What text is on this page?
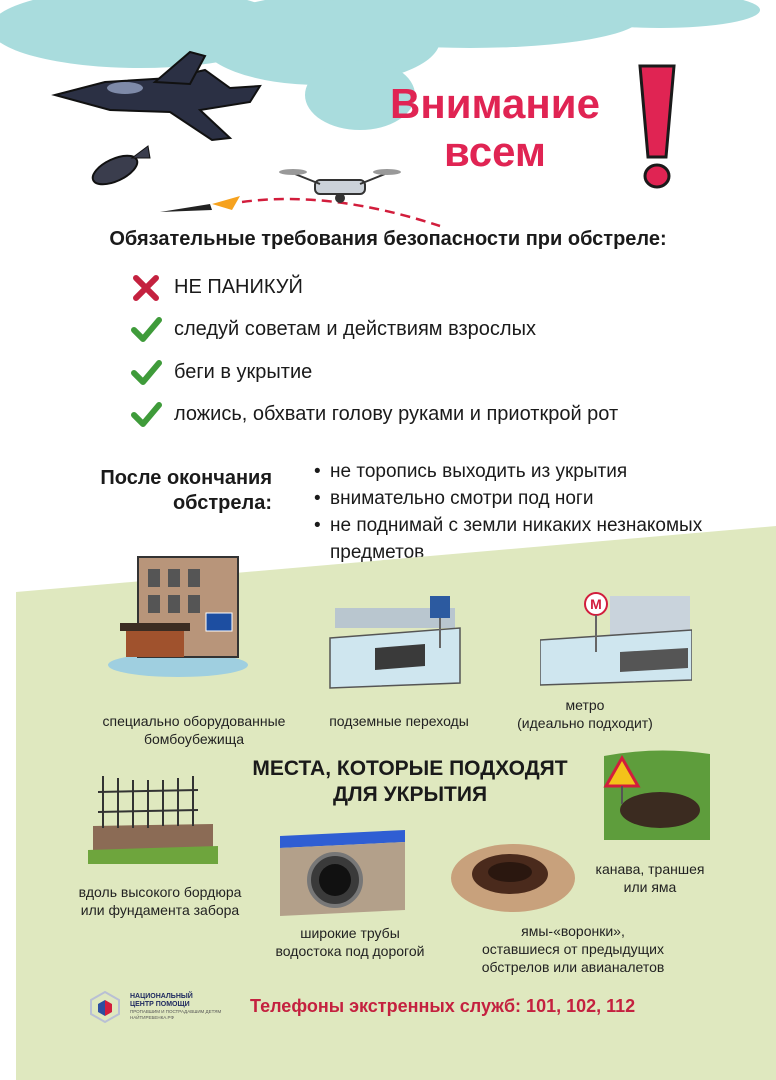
Внимание
всем
Обязательные требования безопасности при обстреле:
НЕ ПАНИКУЙ
следуй советам и действиям взрослых
беги в укрытие
ложись, обхвати голову руками и приоткрой рот
После окончания
обстрела:
• не торопись выходить из укрытия
• внимательно смотри под ноги
• не поднимай с земли никаких незнакомых предметов
М
специально оборудованные
бомбоубежища
подземные переходы
метро
(идеально подходит)
МЕСТА, КОТОРЫЕ ПОДХОДЯТ
ДЛЯ УКРЫТИЯ
вдоль высокого бордюра
или фундамента забора
канава, траншея
или яма
широкие трубы
водостока под дорогой
ямы-«воронки»,
оставшиеся от предыдущих
обстрелов или авианалетов
НАЦИОНАЛЬНЫЙ
ЦЕНТР ПОМОЩИ
ПРОПАВШИМ И ПОСТРАДАВШИМ ДЕТЯМ
НАЙТИРЕБЕНКА.РФ
Телефоны экстренных служб: 101, 102, 112
